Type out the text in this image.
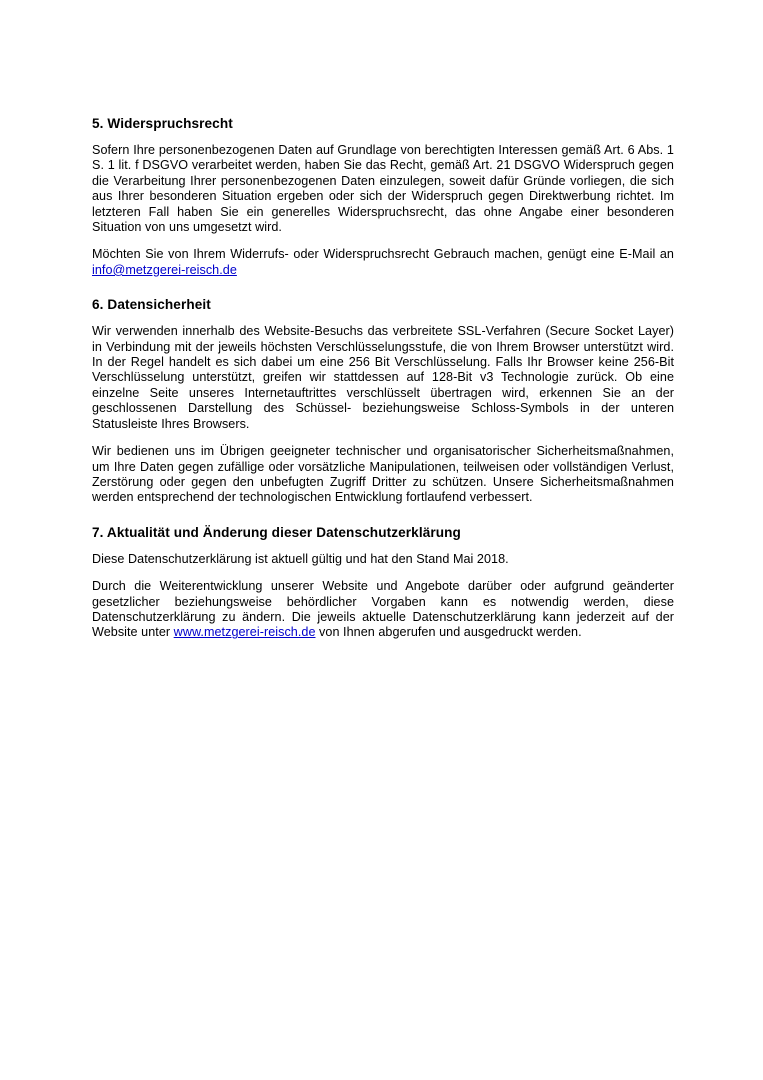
5. Widerspruchsrecht

Sofern Ihre personenbezogenen Daten auf Grundlage von berechtigten Interessen gemäß Art. 6 Abs. 1 S. 1 lit. f DSGVO verarbeitet werden, haben Sie das Recht, gemäß Art. 21 DSGVO Widerspruch gegen die Verarbeitung Ihrer personenbezogenen Daten einzulegen, soweit dafür Gründe vorliegen, die sich aus Ihrer besonderen Situation ergeben oder sich der Widerspruch gegen Direktwerbung richtet. Im letzteren Fall haben Sie ein generelles Widerspruchsrecht, das ohne Angabe einer besonderen Situation von uns umgesetzt wird.

Möchten Sie von Ihrem Widerrufs- oder Widerspruchsrecht Gebrauch machen, genügt eine E-Mail an info@metzgerei-reisch.de

6. Datensicherheit

Wir verwenden innerhalb des Website-Besuchs das verbreitete SSL-Verfahren (Secure Socket Layer) in Verbindung mit der jeweils höchsten Verschlüsselungsstufe, die von Ihrem Browser unterstützt wird. In der Regel handelt es sich dabei um eine 256 Bit Verschlüsselung. Falls Ihr Browser keine 256-Bit Verschlüsselung unterstützt, greifen wir stattdessen auf 128-Bit v3 Technologie zurück. Ob eine einzelne Seite unseres Internetauftrittes verschlüsselt übertragen wird, erkennen Sie an der geschlossenen Darstellung des Schüssel- beziehungsweise Schloss-Symbols in der unteren Statusleiste Ihres Browsers.

Wir bedienen uns im Übrigen geeigneter technischer und organisatorischer Sicherheitsmaßnahmen, um Ihre Daten gegen zufällige oder vorsätzliche Manipulationen, teilweisen oder vollständigen Verlust, Zerstörung oder gegen den unbefugten Zugriff Dritter zu schützen. Unsere Sicherheitsmaßnahmen werden entsprechend der technologischen Entwicklung fortlaufend verbessert.

7. Aktualität und Änderung dieser Datenschutzerklärung

Diese Datenschutzerklärung ist aktuell gültig und hat den Stand Mai 2018.

Durch die Weiterentwicklung unserer Website und Angebote darüber oder aufgrund geänderter gesetzlicher beziehungsweise behördlicher Vorgaben kann es notwendig werden, diese Datenschutzerklärung zu ändern. Die jeweils aktuelle Datenschutzerklärung kann jederzeit auf der Website unter www.metzgerei-reisch.de von Ihnen abgerufen und ausgedruckt werden.
